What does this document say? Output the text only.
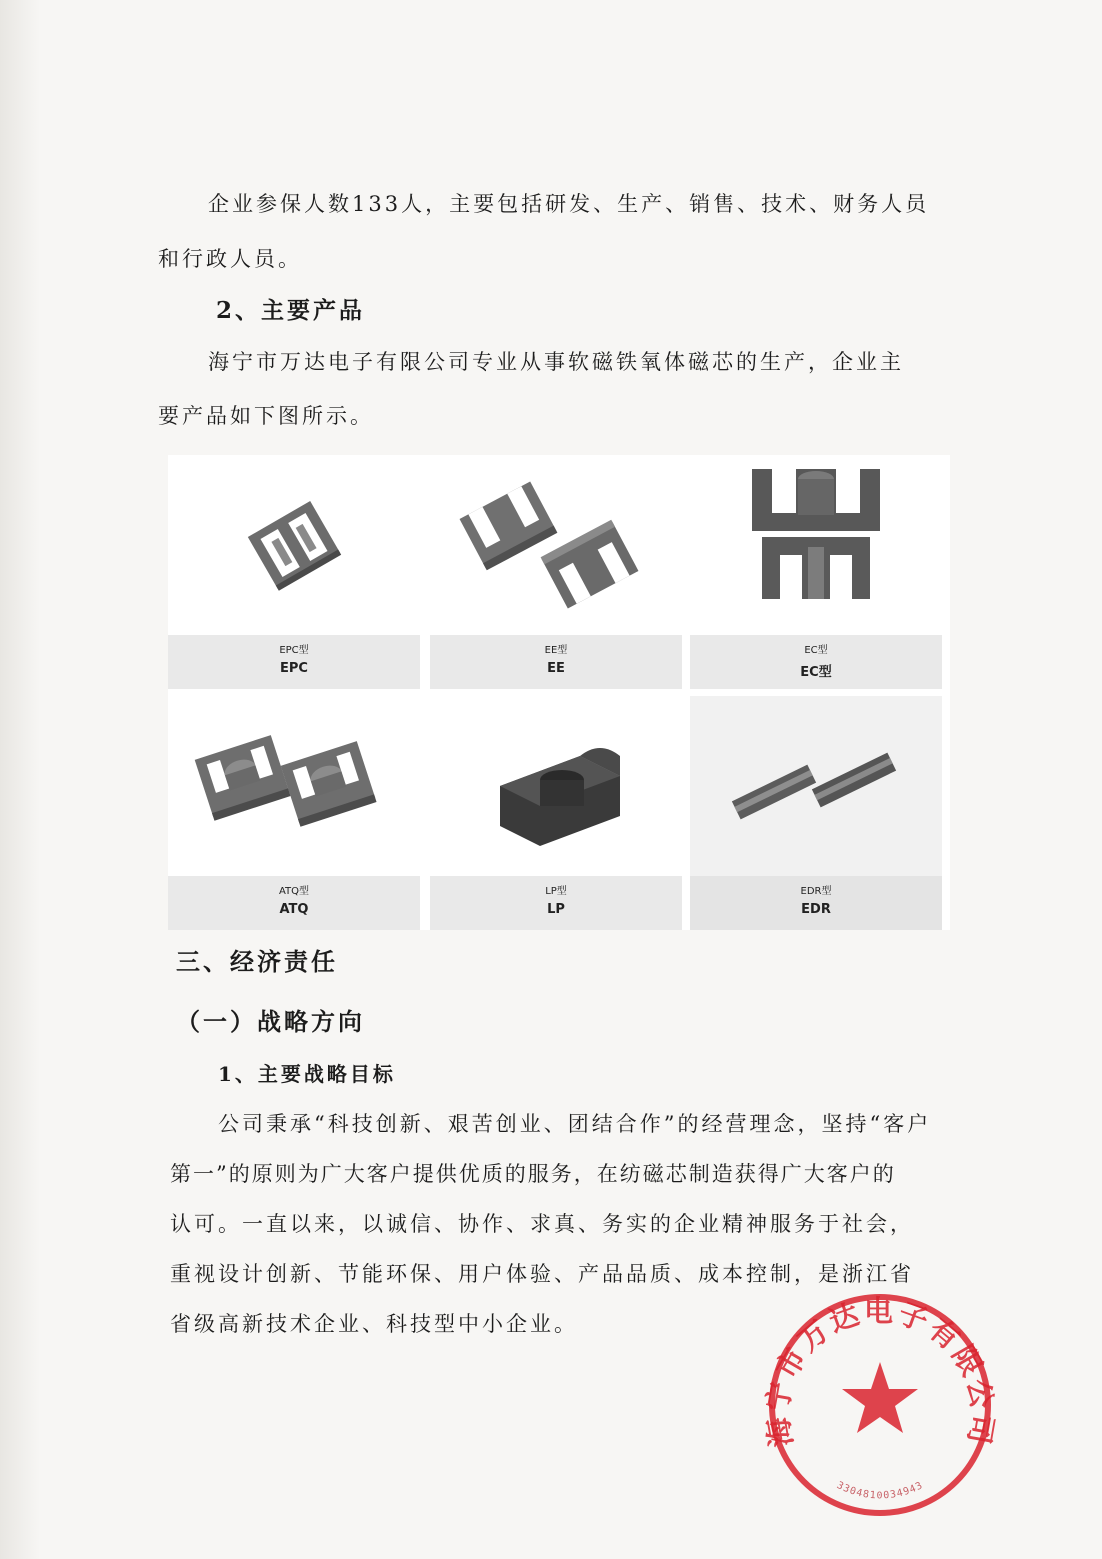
企业参保人数133人，主要包括研发、生产、销售、技术、财务人员
和行政人员。
2、主要产品
海宁市万达电子有限公司专业从事软磁铁氧体磁芯的生产，企业主
要产品如下图所示。
EPC型
EPC
EE型
EE
EC型
EC型
ATQ型
ATQ
LP型
LP
EDR型
EDR
三、经济责任
（一）战略方向
1、主要战略目标
公司秉承“科技创新、艰苦创业、团结合作”的经营理念，坚持“客户
第一”的原则为广大客户提供优质的服务，在纺磁芯制造获得广大客户的
认可。一直以来，以诚信、协作、求真、务实的企业精神服务于社会，
重视设计创新、节能环保、用户体验、产品品质、成本控制，是浙江省
省级高新技术企业、科技型中小企业。
海宁市万达电子有限公司
3304810034943
